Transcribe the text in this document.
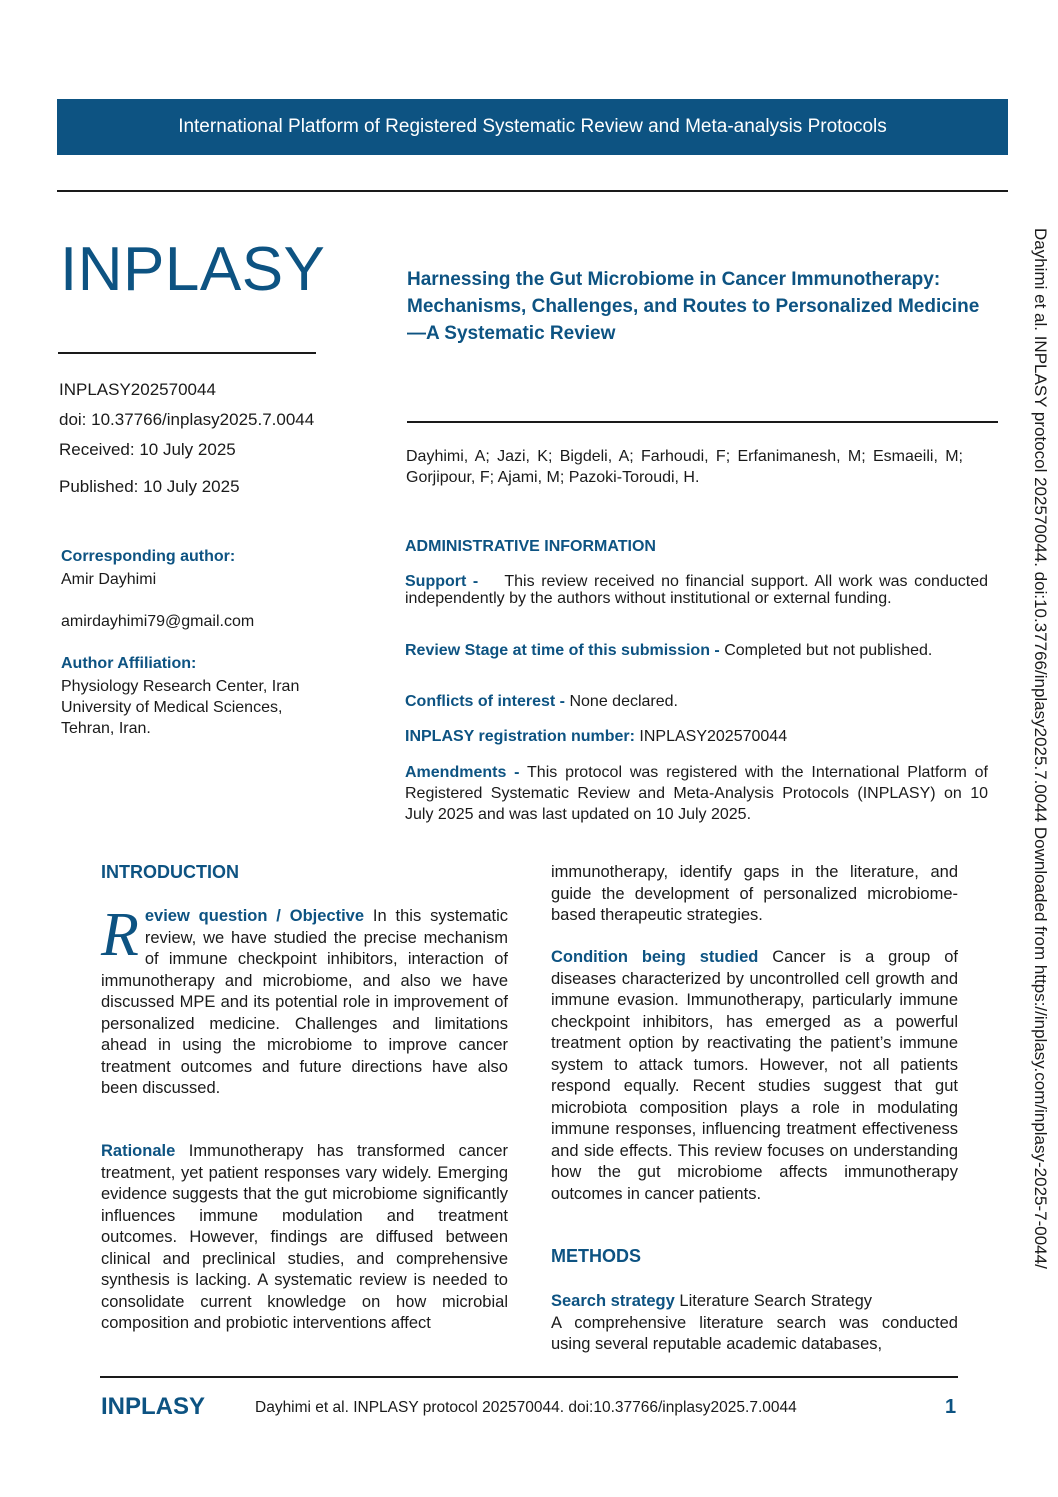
International Platform of Registered Systematic Review and Meta-analysis Protocols
INPLASY	Harnessing the Gut Microbiome in Cancer Immunotherapy: Mechanisms, Challenges, and Routes to Personalized Medicine—A Systematic Review
INPLASY202570044
doi: 10.37766/inplasy2025.7.0044
Received: 10 July 2025
Published: 10 July 2025
Dayhimi, A; Jazi, K; Bigdeli, A; Farhoudi, F; Erfanimanesh, M; Esmaeili, M; Gorjipour, F; Ajami, M; Pazoki-Toroudi, H.
Corresponding author:
Amir Dayhimi
amirdayhimi79@gmail.com
Author Affiliation:
Physiology Research Center, Iran University of Medical Sciences, Tehran, Iran.
ADMINISTRATIVE INFORMATION
Support - This review received no financial support. All work was conducted independently by the authors without institutional or external funding.
Review Stage at time of this submission - Completed but not published.
Conflicts of interest - None declared.
INPLASY registration number: INPLASY202570044
Amendments - This protocol was registered with the International Platform of Registered Systematic Review and Meta-Analysis Protocols (INPLASY) on 10 July 2025 and was last updated on 10 July 2025.
INTRODUCTION
Review question / Objective In this systematic review, we have studied the precise mechanism of immune checkpoint inhibitors, interaction of immunotherapy and microbiome, and also we have discussed MPE and its potential role in improvement of personalized medicine. Challenges and limitations ahead in using the microbiome to improve cancer treatment outcomes and future directions have also been discussed.
Rationale Immunotherapy has transformed cancer treatment, yet patient responses vary widely. Emerging evidence suggests that the gut microbiome significantly influences immune modulation and treatment outcomes. However, findings are diffused between clinical and preclinical studies, and comprehensive synthesis is lacking. A systematic review is needed to consolidate current knowledge on how microbial composition and probiotic interventions affect
immunotherapy, identify gaps in the literature, and guide the development of personalized microbiome-based therapeutic strategies.
Condition being studied Cancer is a group of diseases characterized by uncontrolled cell growth and immune evasion. Immunotherapy, particularly immune checkpoint inhibitors, has emerged as a powerful treatment option by reactivating the patient’s immune system to attack tumors. However, not all patients respond equally. Recent studies suggest that gut microbiota composition plays a role in modulating immune responses, influencing treatment effectiveness and side effects. This review focuses on understanding how the gut microbiome affects immunotherapy outcomes in cancer patients.
METHODS
Search strategy Literature Search Strategy
A comprehensive literature search was conducted using several reputable academic databases,
Dayhimi et al. INPLASY protocol 202570044. doi:10.37766/inplasy2025.7.0044 Downloaded from https://inplasy.com/inplasy-2025-7-0044/
INPLASY	Dayhimi et al. INPLASY protocol 202570044. doi:10.37766/inplasy2025.7.0044	1
